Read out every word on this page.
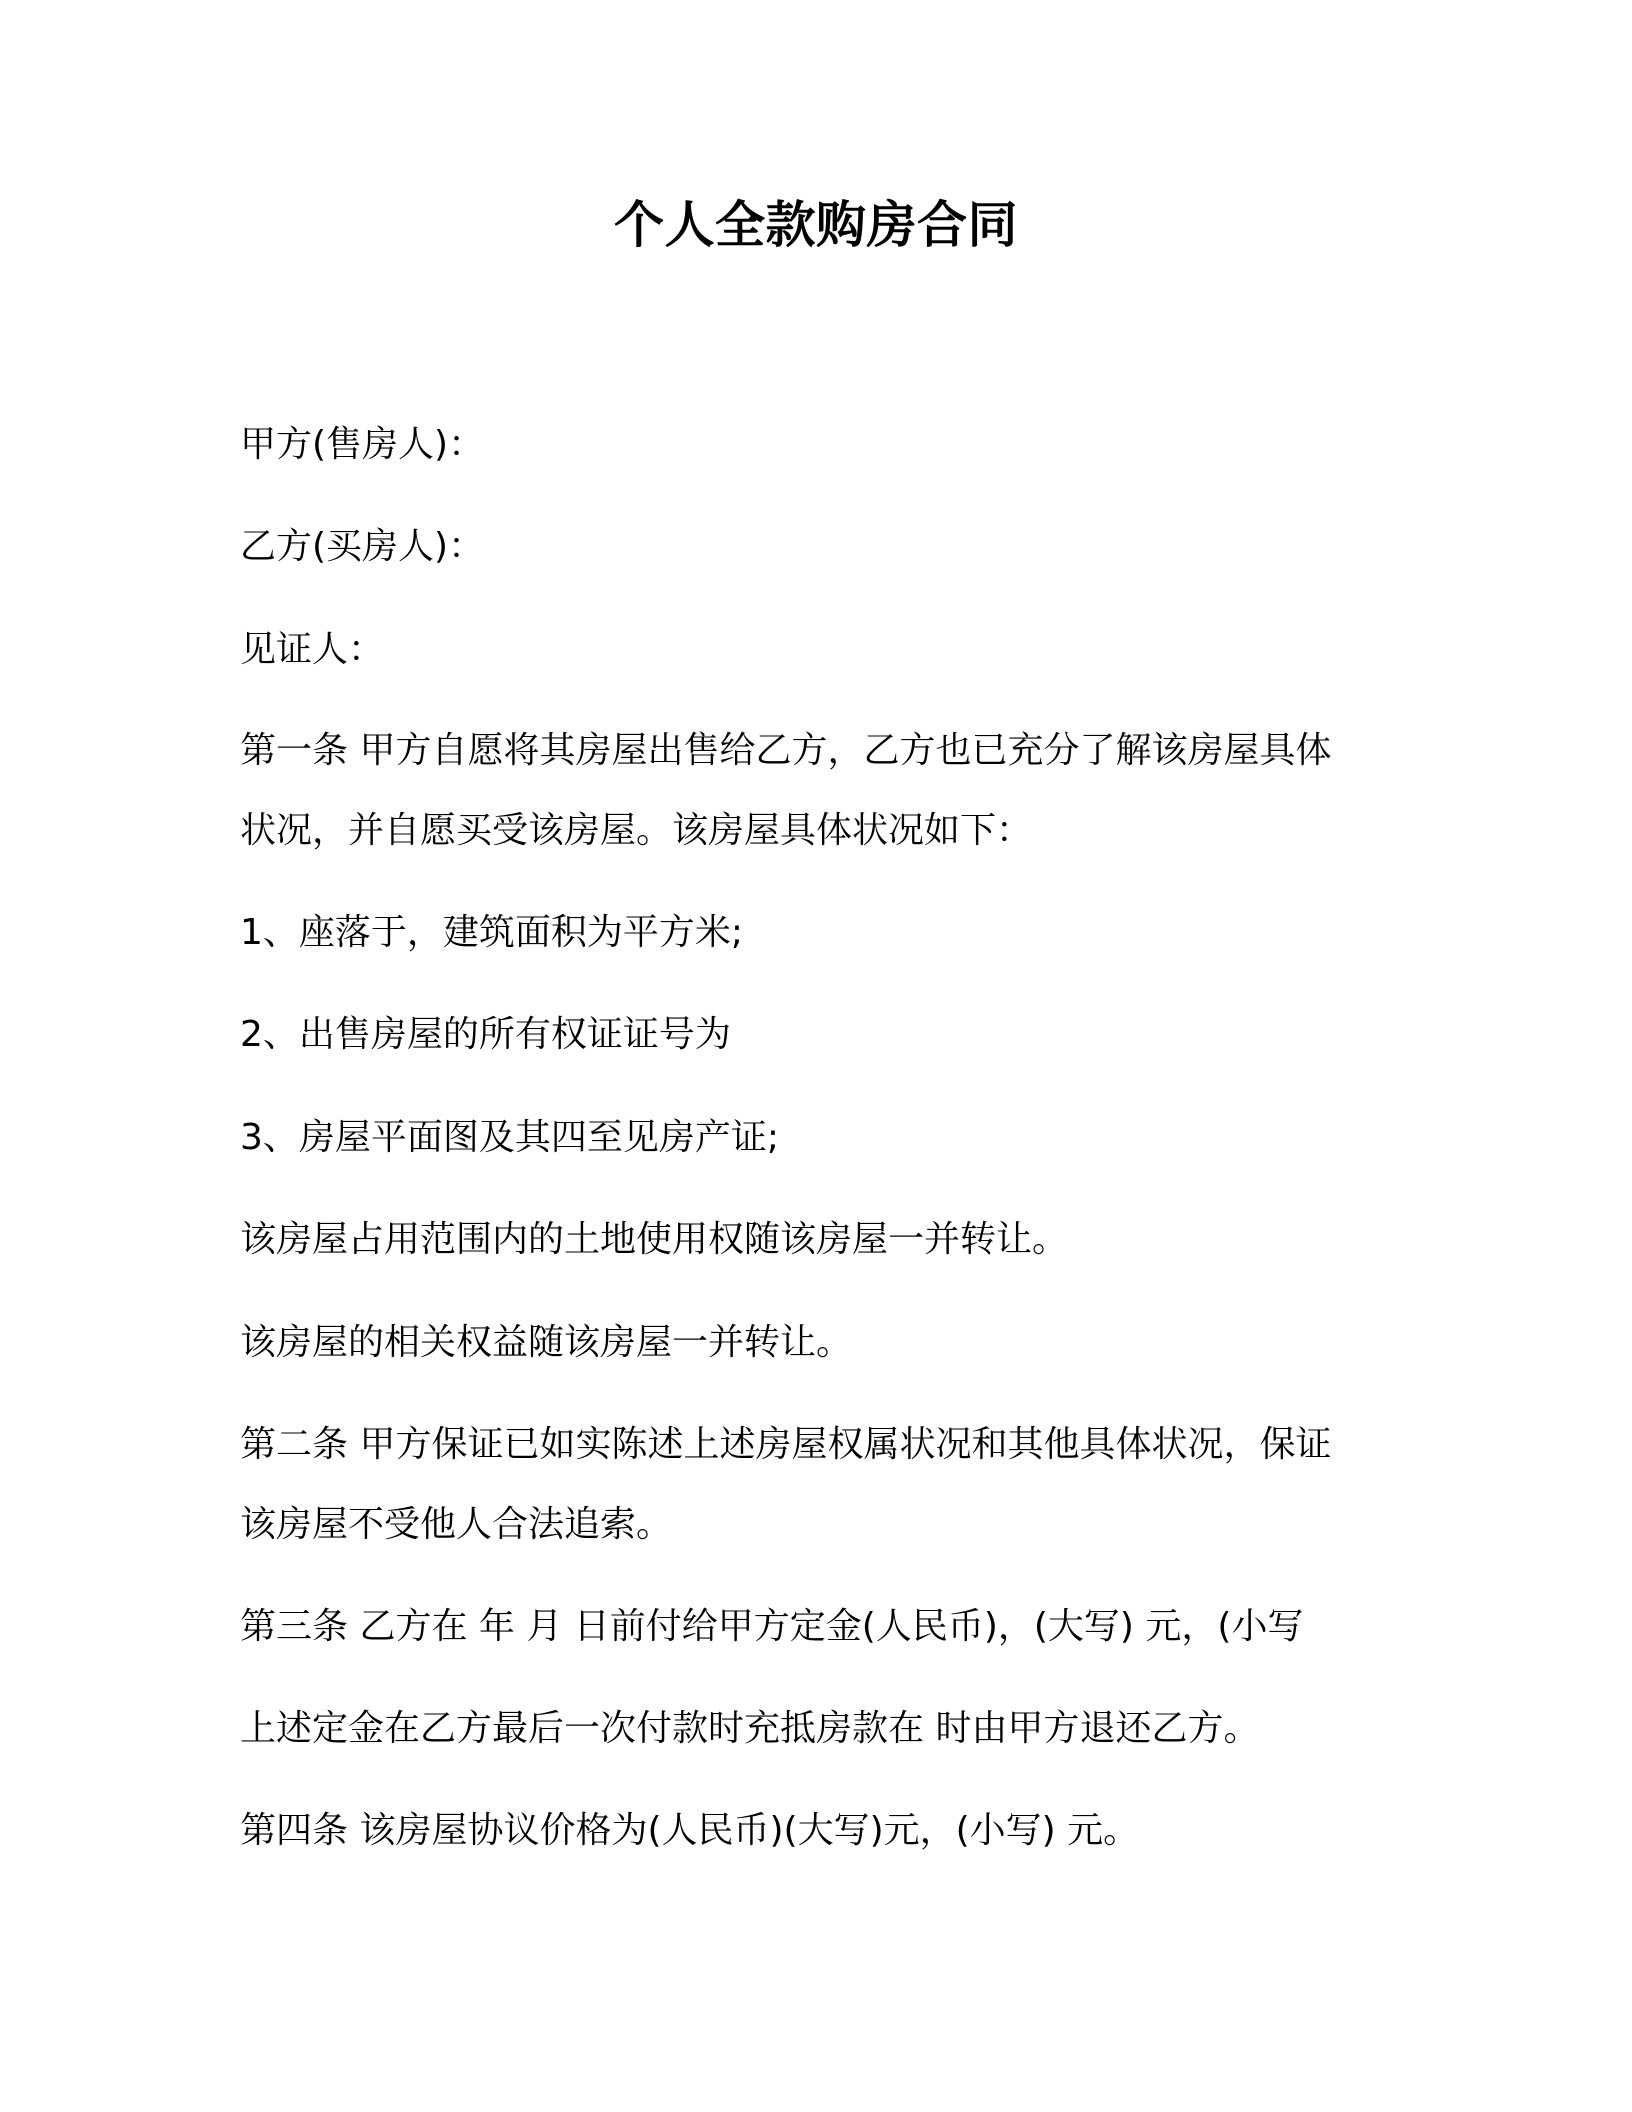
个人全款购房合同
甲方(售房人)：
乙方(买房人)：
见证人：
第一条 甲方自愿将其房屋出售给乙方，乙方也已充分了解该房屋具体
状况，并自愿买受该房屋。该房屋具体状况如下：
1、座落于，建筑面积为平方米;
2、出售房屋的所有权证证号为
3、房屋平面图及其四至见房产证;
该房屋占用范围内的土地使用权随该房屋一并转让。
该房屋的相关权益随该房屋一并转让。
第二条 甲方保证已如实陈述上述房屋权属状况和其他具体状况，保证
该房屋不受他人合法追索。
第三条 乙方在 年 月 日前付给甲方定金(人民币)，(大写) 元，(小写
上述定金在乙方最后一次付款时充抵房款在 时由甲方退还乙方。
第四条 该房屋协议价格为(人民币)(大写)元，(小写) 元。
